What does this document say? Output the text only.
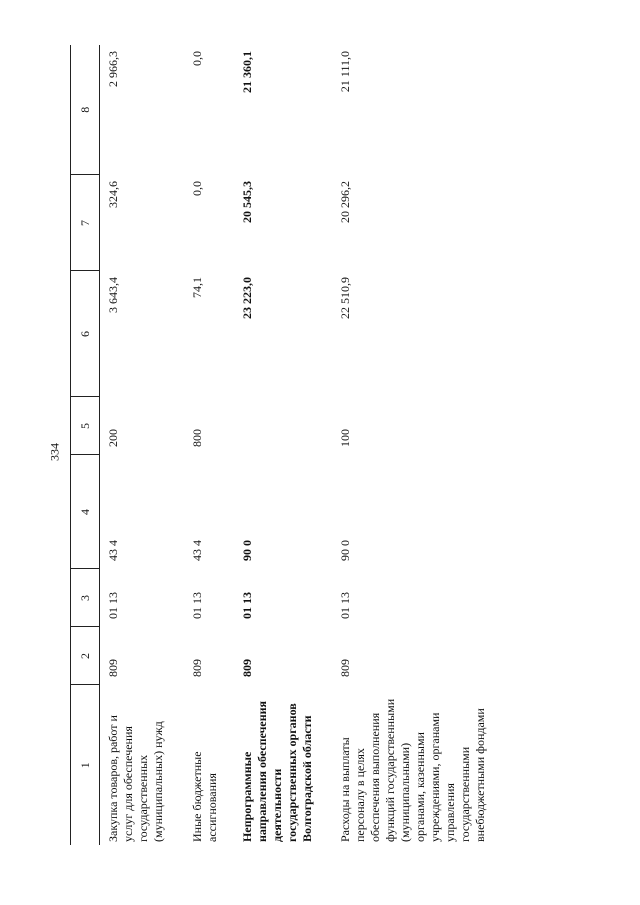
334
1	2	3	4	5	6	7	8
Закупка товаров, работ и услуг для обеспечения государственных (муниципальных) нужд	809	01 13	43 4	200	3 643,4	324,6	2 966,3
Иные бюджетные ассигнования	809	01 13	43 4	800	74,1	0,0	0,0
Непрограммные направления обеспечения деятельности государственных органов Волгоградской области	809	01 13	90 0		23 223,0	20 545,3	21 360,1
Расходы на выплаты персоналу в целях обеспечения выполнения функций государственными (муниципальными) органами, казенными учреждениями, органами управления государственными внебюджетными фондами	809	01 13	90 0	100	22 510,9	20 296,2	21 111,0
